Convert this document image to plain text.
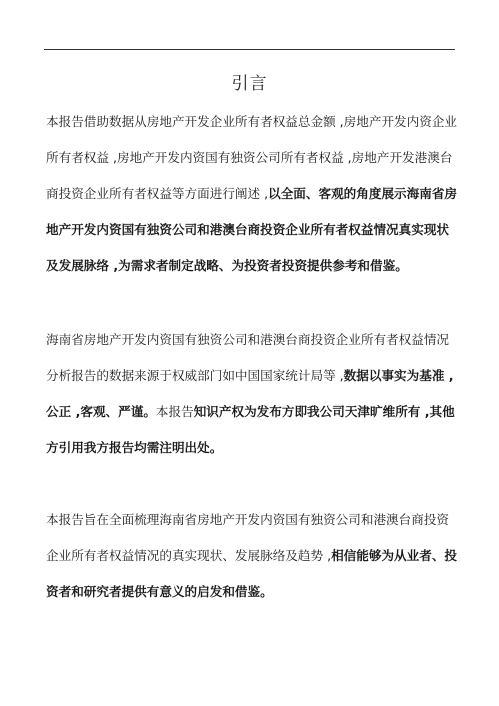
引言
本报告借助数据从房地产开发企业所有者权益总金额 ,房地产开发内资企业
所有者权益 ,房地产开发内资国有独资公司所有者权益 ,房地产开发港澳台
商投资企业所有者权益等方面进行阐述 ,以全面、客观的角度展示海南省房
地产开发内资国有独资公司和港澳台商投资企业所有者权益情况真实现状
及发展脉络 ,为需求者制定战略、为投资者投资提供参考和借鉴。
海南省房地产开发内资国有独资公司和港澳台商投资企业所有者权益情况
分析报告的数据来源于权威部门如中国国家统计局等 ,数据以事实为基准 ,
公正 ,客观、严谨。本报告知识产权为发布方即我公司天津旷维所有 ,其他
方引用我方报告均需注明出处。
本报告旨在全面梳理海南省房地产开发内资国有独资公司和港澳台商投资
企业所有者权益情况的真实现状、发展脉络及趋势 ,相信能够为从业者、投
资者和研究者提供有意义的启发和借鉴。
